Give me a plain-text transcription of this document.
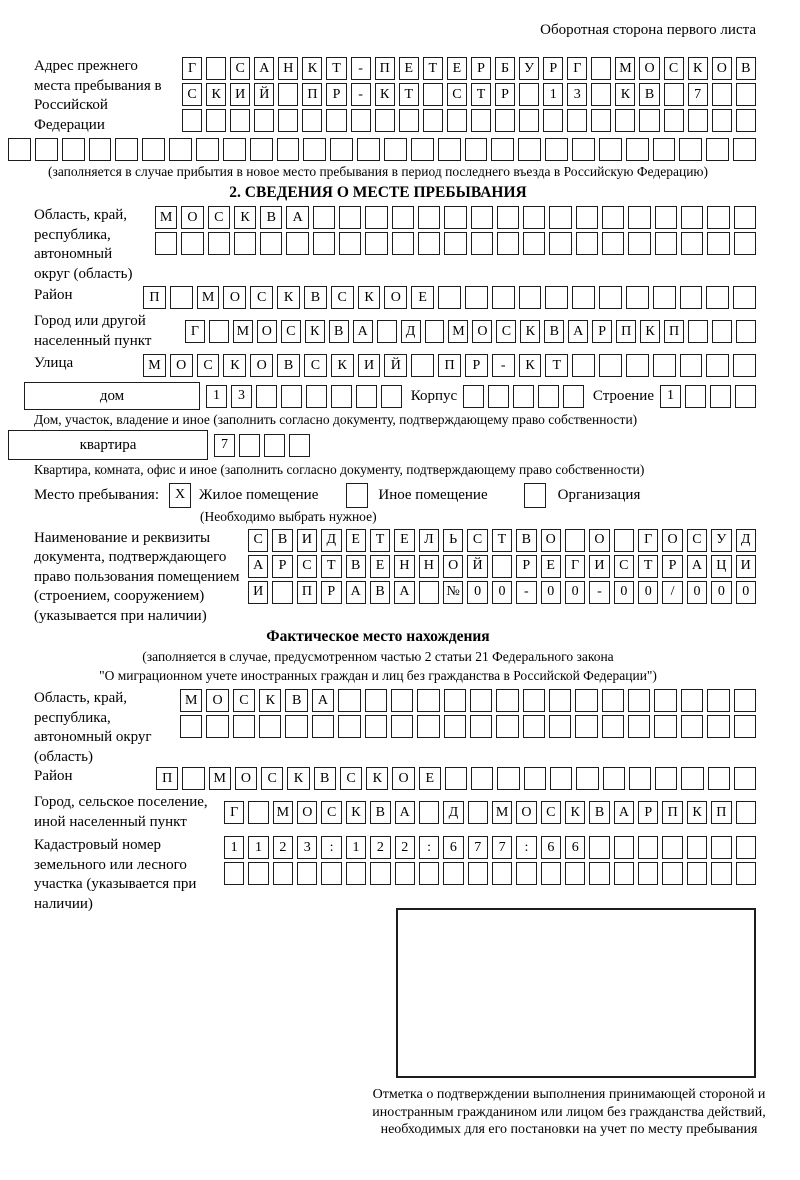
Оборотная сторона первого листа
Адрес прежнего места пребывания в Российской Федерации
Г	С	А Н	К	Т	-	П	Е	Т	Е	Р	Б	У	Р	Г	М О	С	К	О	В
С	К	И Й	П	Р	-	К	Т	С	Т	Р	1	3	К	В	7
(заполняется в случае прибытия в новое место пребывания в период последнего въезда в Российскую Федерацию)
2. СВЕДЕНИЯ О МЕСТЕ ПРЕБЫВАНИЯ
Область, край, республика, автономный округ (область)
М	О	С	К	В	А
Район	П	М	О	С	К	В	С	К	О	Е
Город или другой населенный пункт
Г	М О	С	К	В	А	Д	М О	С	К	В	А	Р	П	К	П
Улица	М	О	С	К	О	В	С	К	И	Й	П	Р	-	К	Т
дом	1	3	Корпус	Строение 1
Дом, участок, владение и иное (заполнить согласно документу, подтверждающему право собственности)
квартира	7
Квартира, комната, офис и иное (заполнить согласно документу, подтверждающему право собственности)
Место пребывания:	X Жилое помещение	Иное помещение	Организация
(Необходимо выбрать нужное)
Наименование и реквизиты документа, подтверждающего право пользования помещением (строением, сооружением) (указывается при наличии)
С	В	И	Д	Е	Т	Е	Л	Ь	С	Т	В	О	О	Г	О	С	У	Д
А	Р	С	Т	В	Е	Н	Н	О	Й	Р	Е	Г	И	С	Т	Р	А	Ц	И
И	П	Р	А	В	А	№	0	0	-	0	0	-	0	0	/	0	0	0
Фактическое место нахождения
(заполняется в случае, предусмотренном частью 2 статьи 21 Федерального закона
"О миграционном учете иностранных граждан и лиц без гражданства в Российской Федерации")
Область, край, республика, автономный округ (область)
М	О	С	К	В	А
Район	П	М	О	С	К	В	С	К	О	Е
Город, сельское поселение, иной населенный пункт
Г	М О	С	К	В	А	Д	М О	С	К	В	А	Р	П	К	П
Кадастровый номер земельного или лесного участка (указывается при наличии)
1	1	2	3	:	1	2	2	:	6	7	7	:	6	6
Отметка о подтверждении выполнения принимающей стороной и иностранным гражданином или лицом без гражданства действий, необходимых для его постановки на учет по месту пребывания
